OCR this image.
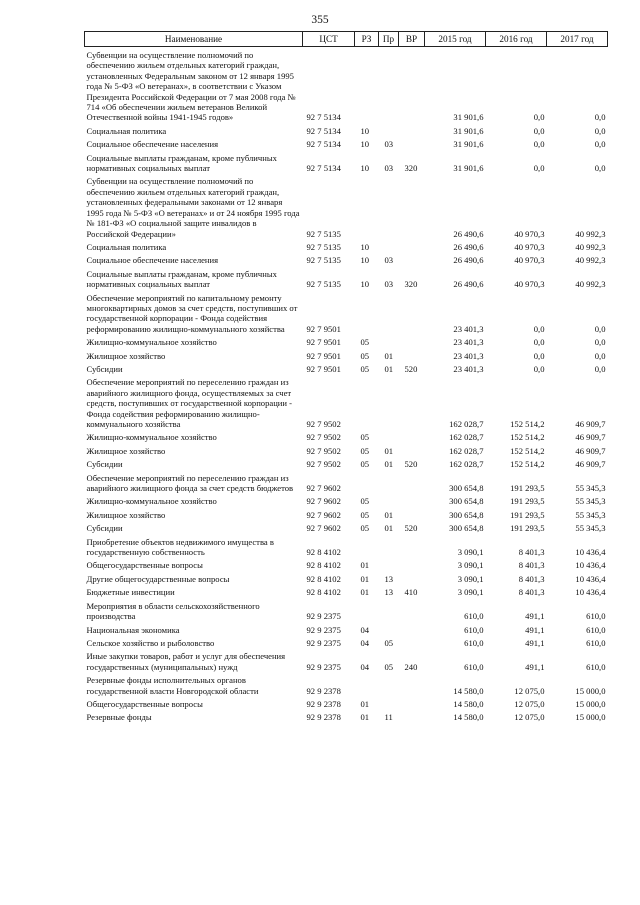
355
Наименование	ЦСТ	РЗ	Пр	ВР	2015 год	2016 год	2017 год
Субвенции на осуществление полномочий по обеспечению жильем отдельных категорий граждан, установленных Федеральным законом от 12 января 1995 года № 5-ФЗ «О ветеранах», в соответствии с Указом Президента Российской Федерации от 7 мая 2008 года № 714 «Об обеспечении жильем ветеранов Великой Отечественной войны 1941-1945 годов»	92 7 5134				31 901,6	0,0	0,0
Социальная политика	92 7 5134	10			31 901,6	0,0	0,0
Социальное обеспечение населения	92 7 5134	10	03		31 901,6	0,0	0,0
Социальные выплаты гражданам, кроме публичных нормативных социальных выплат	92 7 5134	10	03	320	31 901,6	0,0	0,0
Субвенции на осуществление полномочий по обеспечению жильем отдельных категорий граждан, установленных федеральными законами от 12 января 1995 года № 5-ФЗ «О ветеранах» и от 24 ноября 1995 года № 181-ФЗ «О социальной защите инвалидов в Российской Федерации»	92 7 5135				26 490,6	40 970,3	40 992,3
Социальная политика	92 7 5135	10			26 490,6	40 970,3	40 992,3
Социальное обеспечение населения	92 7 5135	10	03		26 490,6	40 970,3	40 992,3
Социальные выплаты гражданам, кроме публичных нормативных социальных выплат	92 7 5135	10	03	320	26 490,6	40 970,3	40 992,3
Обеспечение мероприятий по капитальному ремонту многоквартирных домов за счет средств, поступивших от государственной корпорации - Фонда содействия реформированию жилищно-коммунального хозяйства	92 7 9501				23 401,3	0,0	0,0
Жилищно-коммунальное хозяйство	92 7 9501	05			23 401,3	0,0	0,0
Жилищное хозяйство	92 7 9501	05	01		23 401,3	0,0	0,0
Субсидии	92 7 9501	05	01	520	23 401,3	0,0	0,0
Обеспечение мероприятий по переселению граждан из аварийного жилищного фонда, осуществляемых за счет средств, поступивших от государственной корпорации - Фонда содействия реформированию жилищно-коммунального хозяйства	92 7 9502				162 028,7	152 514,2	46 909,7
Жилищно-коммунальное хозяйство	92 7 9502	05			162 028,7	152 514,2	46 909,7
Жилищное хозяйство	92 7 9502	05	01		162 028,7	152 514,2	46 909,7
Субсидии	92 7 9502	05	01	520	162 028,7	152 514,2	46 909,7
Обеспечение мероприятий по переселению граждан из аварийного жилищного фонда за счет средств бюджетов	92 7 9602				300 654,8	191 293,5	55 345,3
Жилищно-коммунальное хозяйство	92 7 9602	05			300 654,8	191 293,5	55 345,3
Жилищное хозяйство	92 7 9602	05	01		300 654,8	191 293,5	55 345,3
Субсидии	92 7 9602	05	01	520	300 654,8	191 293,5	55 345,3
Приобретение объектов недвижимого имущества в государственную собственность	92 8 4102				3 090,1	8 401,3	10 436,4
Общегосударственные вопросы	92 8 4102	01			3 090,1	8 401,3	10 436,4
Другие общегосударственные вопросы	92 8 4102	01	13		3 090,1	8 401,3	10 436,4
Бюджетные инвестиции	92 8 4102	01	13	410	3 090,1	8 401,3	10 436,4
Мероприятия в области сельскохозяйственного производства	92 9 2375				610,0	491,1	610,0
Национальная экономика	92 9 2375	04			610,0	491,1	610,0
Сельское хозяйство и рыболовство	92 9 2375	04	05		610,0	491,1	610,0
Иные закупки товаров, работ и услуг для обеспечения государственных (муниципальных) нужд	92 9 2375	04	05	240	610,0	491,1	610,0
Резервные фонды исполнительных органов государственной власти Новгородской области	92 9 2378				14 580,0	12 075,0	15 000,0
Общегосударственные вопросы	92 9 2378	01			14 580,0	12 075,0	15 000,0
Резервные фонды	92 9 2378	01	11		14 580,0	12 075,0	15 000,0
